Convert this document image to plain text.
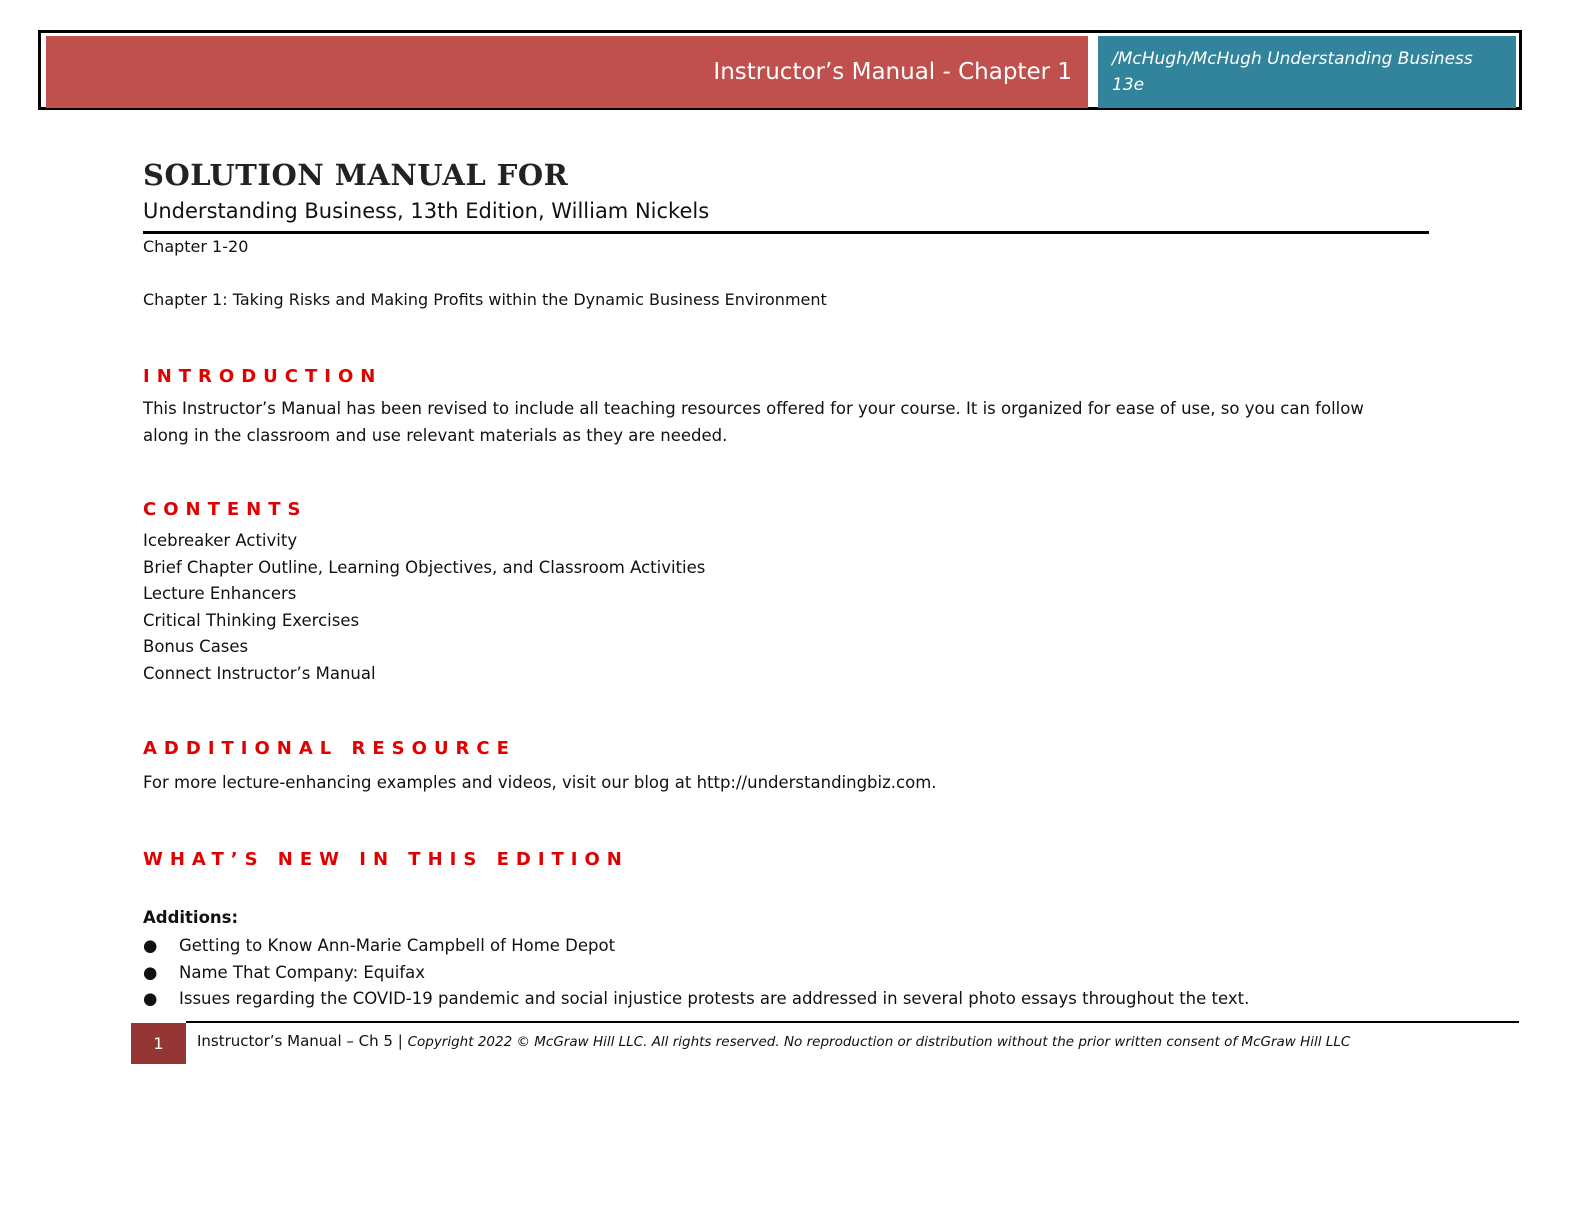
Instructor’s Manual - Chapter 1	/McHugh/McHugh Understanding Business 13e
SOLUTION MANUAL FOR
Understanding Business, 13th Edition, William Nickels
Chapter 1-20
Chapter 1: Taking Risks and Making Profits within the Dynamic Business Environment
INTRODUCTION
This Instructor’s Manual has been revised to include all teaching resources offered for your course. It is organized for ease of use, so you can follow along in the classroom and use relevant materials as they are needed.
CONTENTS
Icebreaker Activity
Brief Chapter Outline, Learning Objectives, and Classroom Activities
Lecture Enhancers
Critical Thinking Exercises
Bonus Cases
Connect Instructor’s Manual
ADDITIONAL RESOURCE
For more lecture-enhancing examples and videos, visit our blog at http://understandingbiz.com.
WHAT’S NEW IN THIS EDITION
Additions:
● Getting to Know Ann-Marie Campbell of Home Depot
● Name That Company: Equifax
● Issues regarding the COVID-19 pandemic and social injustice protests are addressed in several photo essays throughout the text.
1	Instructor’s Manual – Ch 5 | Copyright 2022 © McGraw Hill LLC. All rights reserved. No reproduction or distribution without the prior written consent of McGraw Hill LLC
